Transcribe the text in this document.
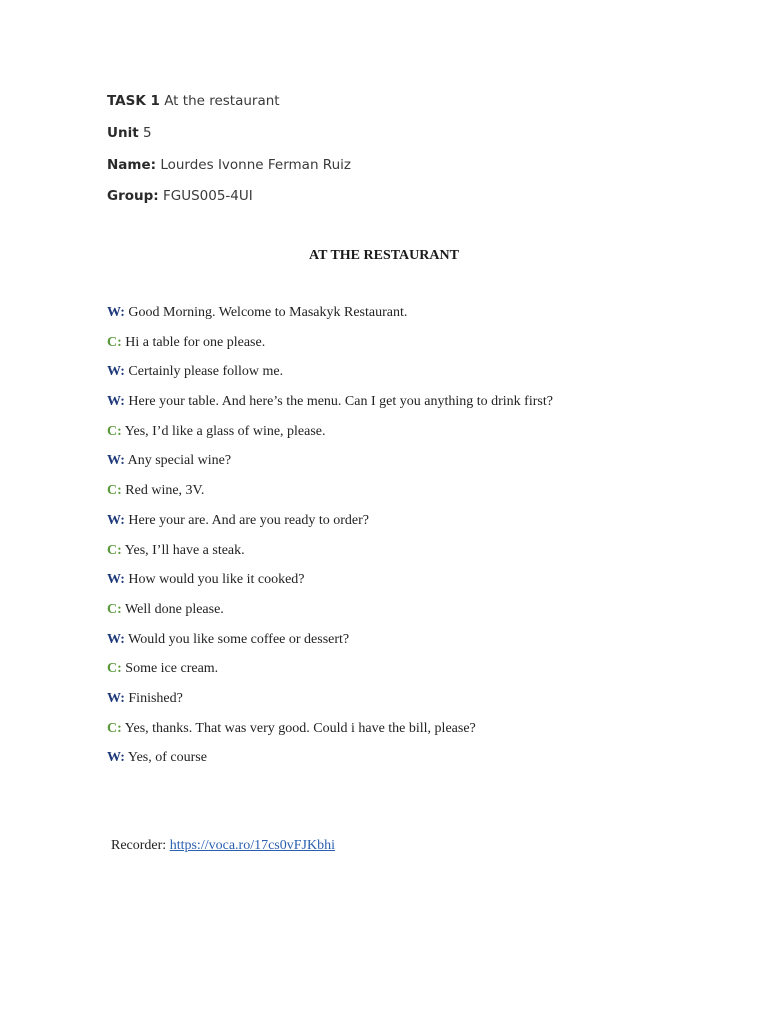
TASK 1 At the restaurant
Unit 5
Name: Lourdes Ivonne Ferman Ruiz
Group: FGUS005-4UI
AT THE RESTAURANT
W: Good Morning. Welcome to Masakyk Restaurant.
C: Hi a table for one please.
W: Certainly please follow me.
W: Here your table. And here’s the menu. Can I get you anything to drink first?
C: Yes, I’d like a glass of wine, please.
W: Any special wine?
C: Red wine, 3V.
W: Here your are. And are you ready to order?
C: Yes, I’ll have a steak.
W: How would you like it cooked?
C: Well done please.
W: Would you like some coffee or dessert?
C: Some ice cream.
W: Finished?
C: Yes, thanks. That was very good. Could i have the bill, please?
W: Yes, of course
Recorder: https://voca.ro/17cs0vFJKbhi
